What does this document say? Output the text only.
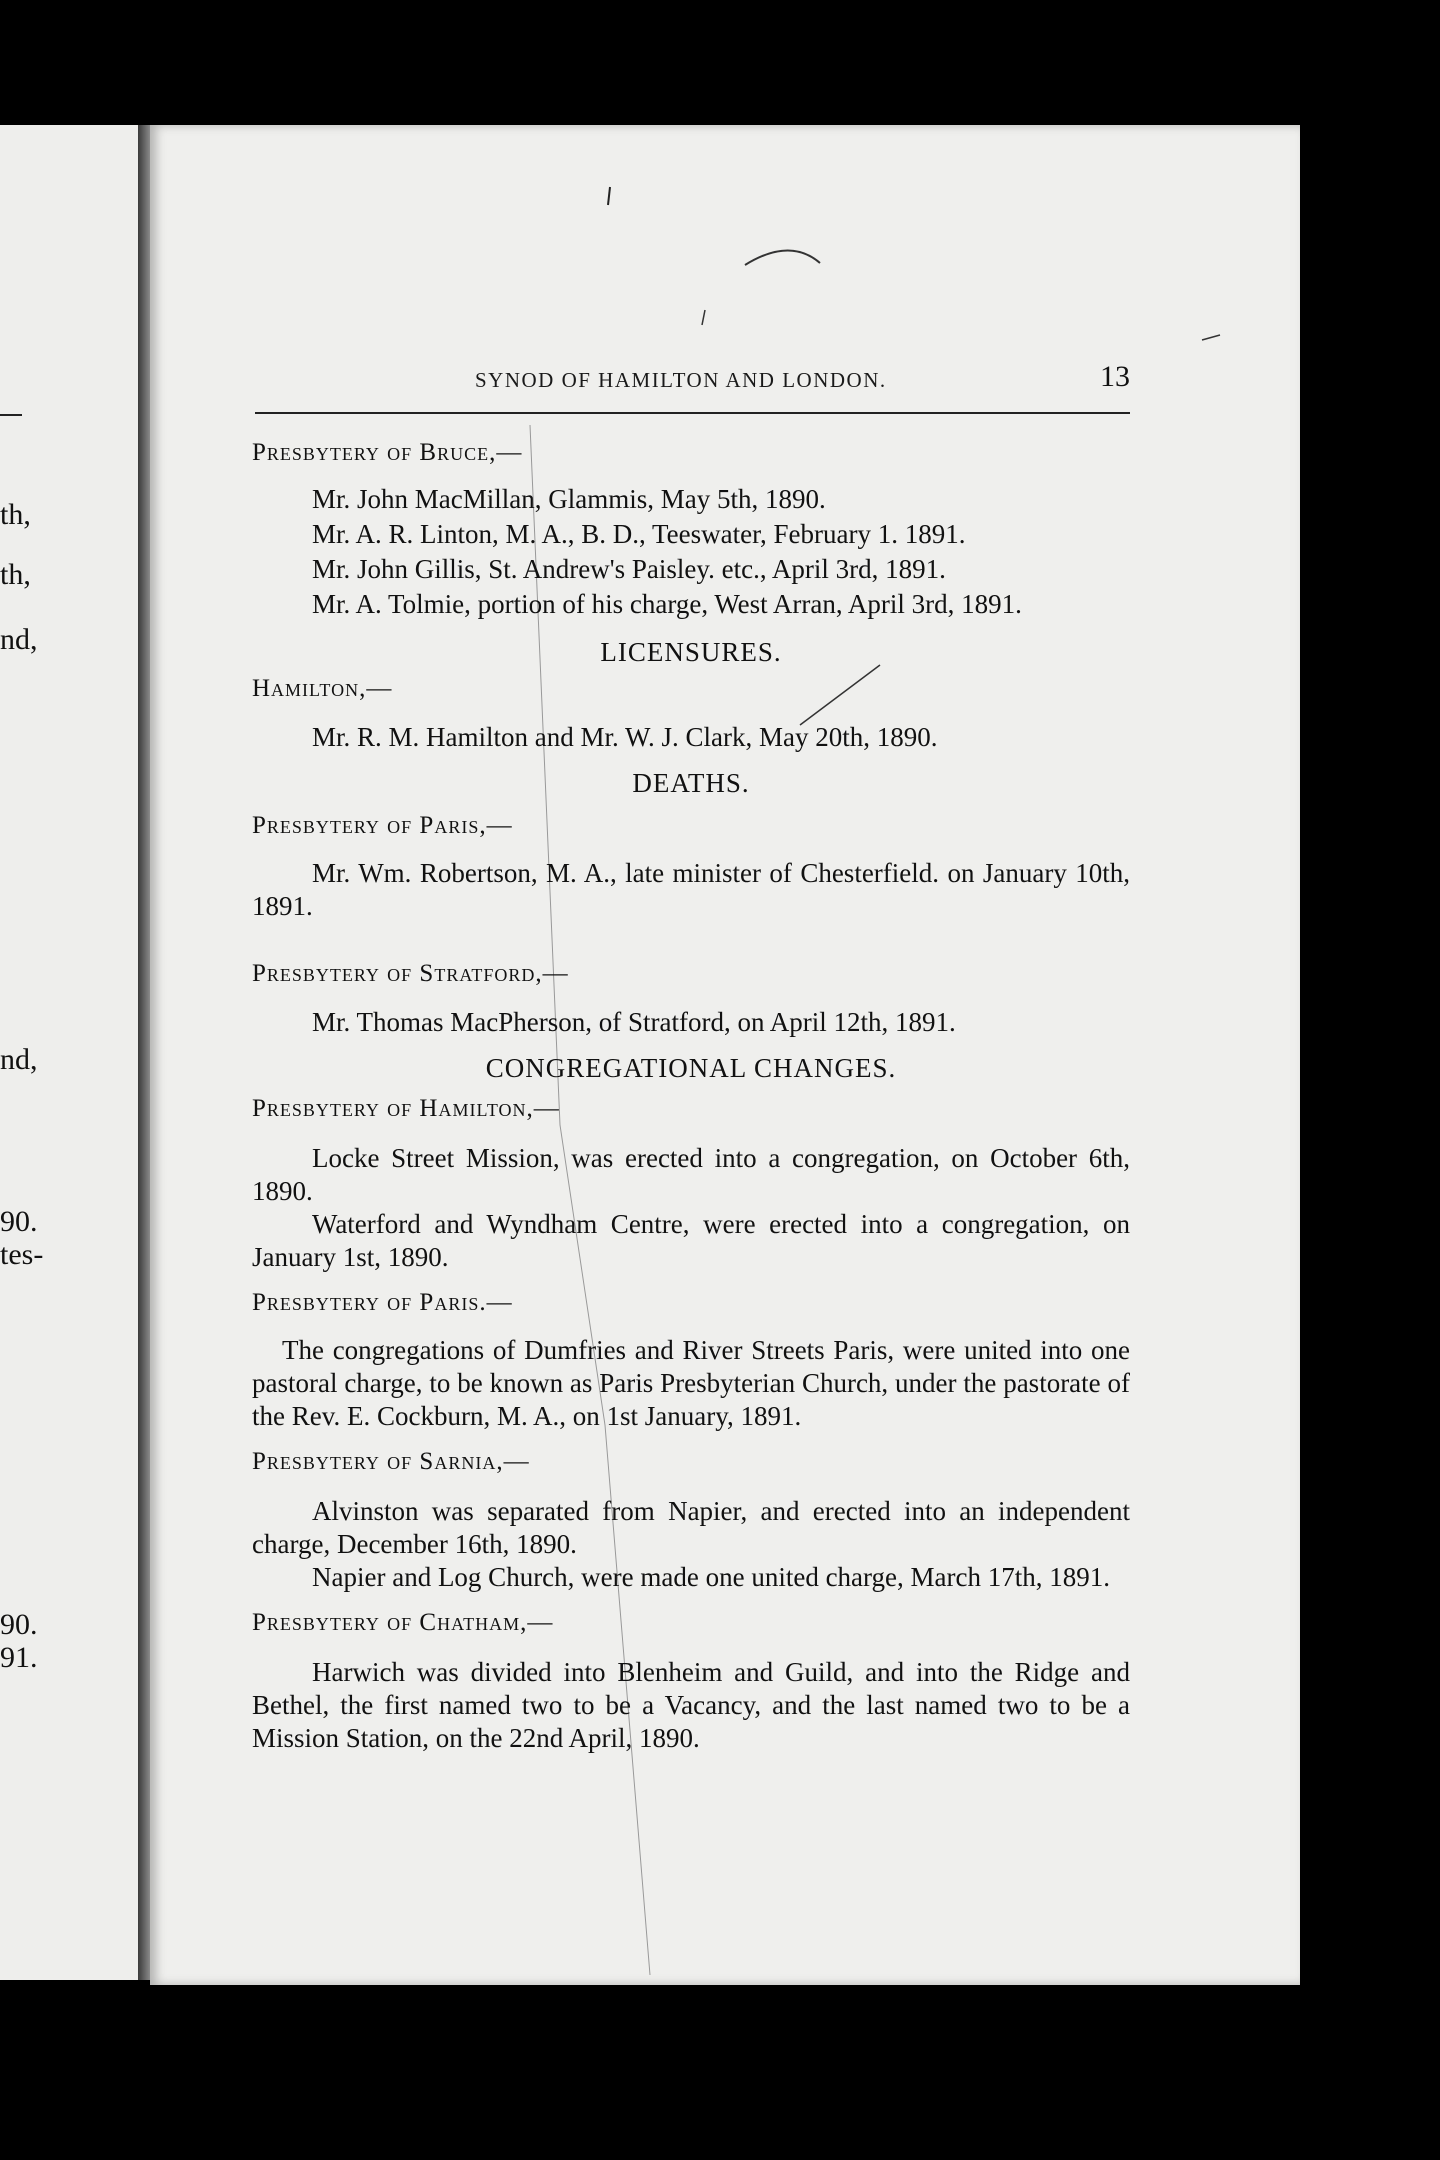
th,
th,
nd,
nd,
90.
tes-
90.
91.
SYNOD OF HAMILTON AND LONDON.	13

Presbytery of Bruce,—

Mr. John MacMillan, Glammis, May 5th, 1890.

Mr. A. R. Linton, M. A., B. D., Teeswater, February 1. 1891.

Mr. John Gillis, St. Andrew's Paisley. etc., April 3rd, 1891.

Mr. A. Tolmie, portion of his charge, West Arran, April 3rd, 1891.

LICENSURES.

Hamilton,—

Mr. R. M. Hamilton and Mr. W. J. Clark, May 20th, 1890.

DEATHS.

Presbytery of Paris,—

Mr. Wm. Robertson, M. A., late minister of Chesterfield. on January 10th, 1891.

Presbytery of Stratford,—

Mr. Thomas MacPherson, of Stratford, on April 12th, 1891.

CONGREGATIONAL CHANGES.

Presbytery of Hamilton,—

Locke Street Mission, was erected into a congregation, on October 6th, 1890.

Waterford and Wyndham Centre, were erected into a congregation, on January 1st, 1890.

Presbytery of Paris.—

The congregations of Dumfries and River Streets Paris, were united into one pastoral charge, to be known as Paris Presbyterian Church, under the pastorate of the Rev. E. Cockburn, M. A., on 1st January, 1891.

Presbytery of Sarnia,—

Alvinston was separated from Napier, and erected into an independent charge, December 16th, 1890.

Napier and Log Church, were made one united charge, March 17th, 1891.

Presbytery of Chatham,—

Harwich was divided into Blenheim and Guild, and into the Ridge and Bethel, the first named two to be a Vacancy, and the last named two to be a Mission Station, on the 22nd April, 1890.
